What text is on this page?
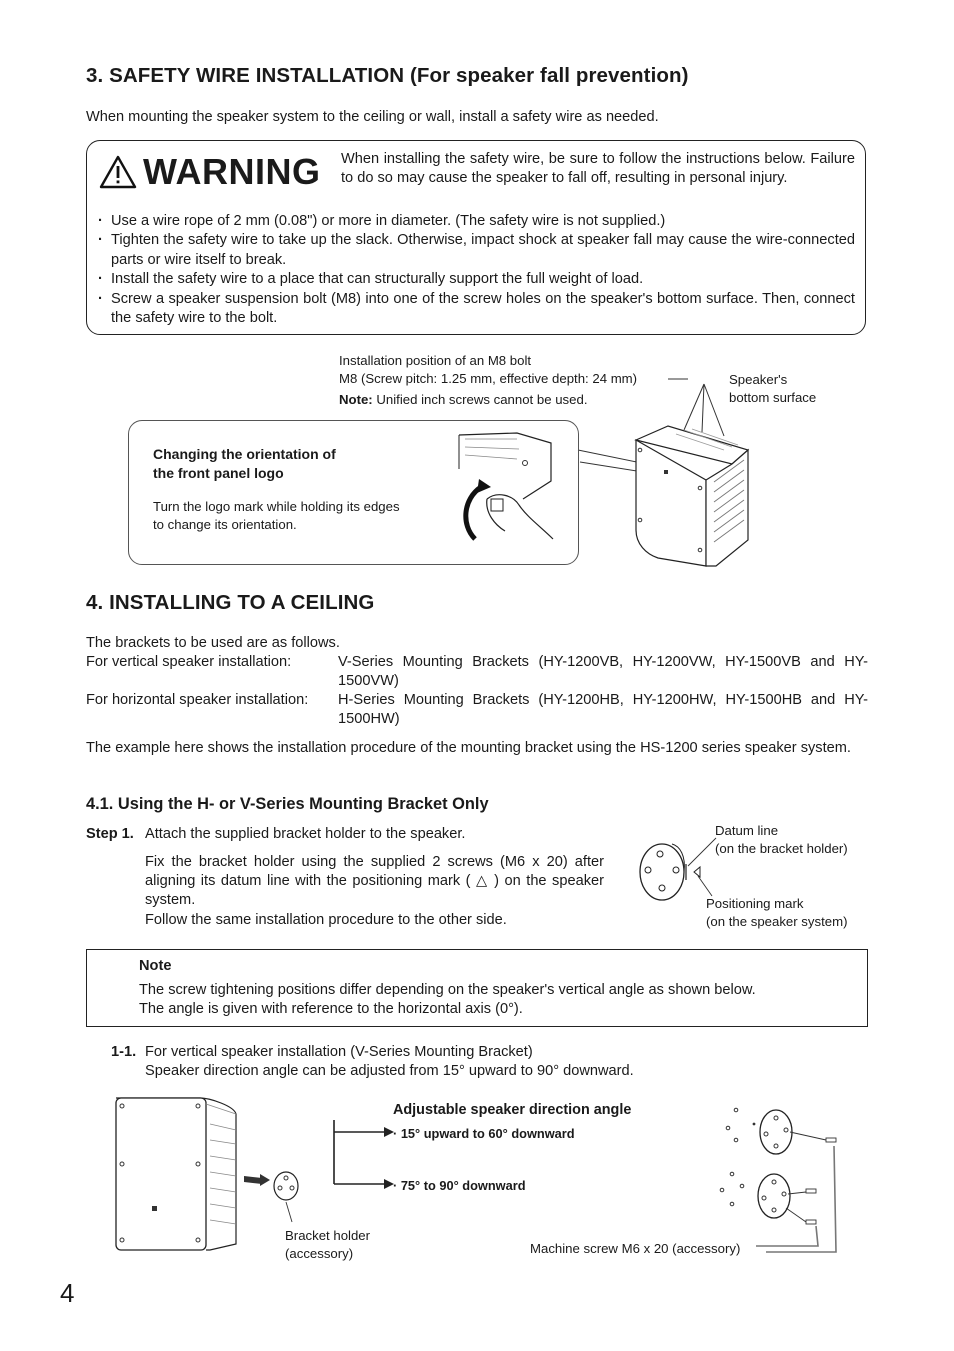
3. SAFETY WIRE INSTALLATION (For speaker fall prevention)
When mounting the speaker system to the ceiling or wall, install a safety wire as needed.
WARNING When installing the safety wire, be sure to follow the instructions below. Failure to do so may cause the speaker to fall off, resulting in personal injury.
· Use a wire rope of 2 mm (0.08") or more in diameter. (The safety wire is not supplied.)
· Tighten the safety wire to take up the slack. Otherwise, impact shock at speaker fall may cause the wire-connected parts or wire itself to break.
· Install the safety wire to a place that can structurally support the full weight of load.
· Screw a speaker suspension bolt (M8) into one of the screw holes on the speaker's bottom surface. Then, connect the safety wire to the bolt.
Installation position of an M8 bolt
M8 (Screw pitch: 1.25 mm, effective depth: 24 mm)
Note: Unified inch screws cannot be used.
Speaker's
bottom surface
Changing the orientation of
the front panel logo
Turn the logo mark while holding its edges
to change its orientation.
4. INSTALLING TO A CEILING
The brackets to be used are as follows.
For vertical speaker installation:	V-Series Mounting Brackets (HY-1200VB, HY-1200VW, HY-1500VB and HY-1500VW)
For horizontal speaker installation:	H-Series Mounting Brackets (HY-1200HB, HY-1200HW, HY-1500HB and HY-1500HW)
The example here shows the installation procedure of the mounting bracket using the HS-1200 series speaker system.
4.1. Using the H- or V-Series Mounting Bracket Only
Step 1. Attach the supplied bracket holder to the speaker.
Fix the bracket holder using the supplied 2 screws (M6 x 20) after aligning its datum line with the positioning mark ( △ ) on the speaker system.
Follow the same installation procedure to the other side.
Datum line
(on the bracket holder)
Positioning mark
(on the speaker system)
Note
The screw tightening positions differ depending on the speaker's vertical angle as shown below.
The angle is given with reference to the horizontal axis (0°).
1-1. For vertical speaker installation (V-Series Mounting Bracket)
Speaker direction angle can be adjusted from 15° upward to 90° downward.
Bracket holder
(accessory)
Adjustable speaker direction angle
· 15° upward to 60° downward
· 75° to 90° downward
Machine screw M6 x 20 (accessory)
4
